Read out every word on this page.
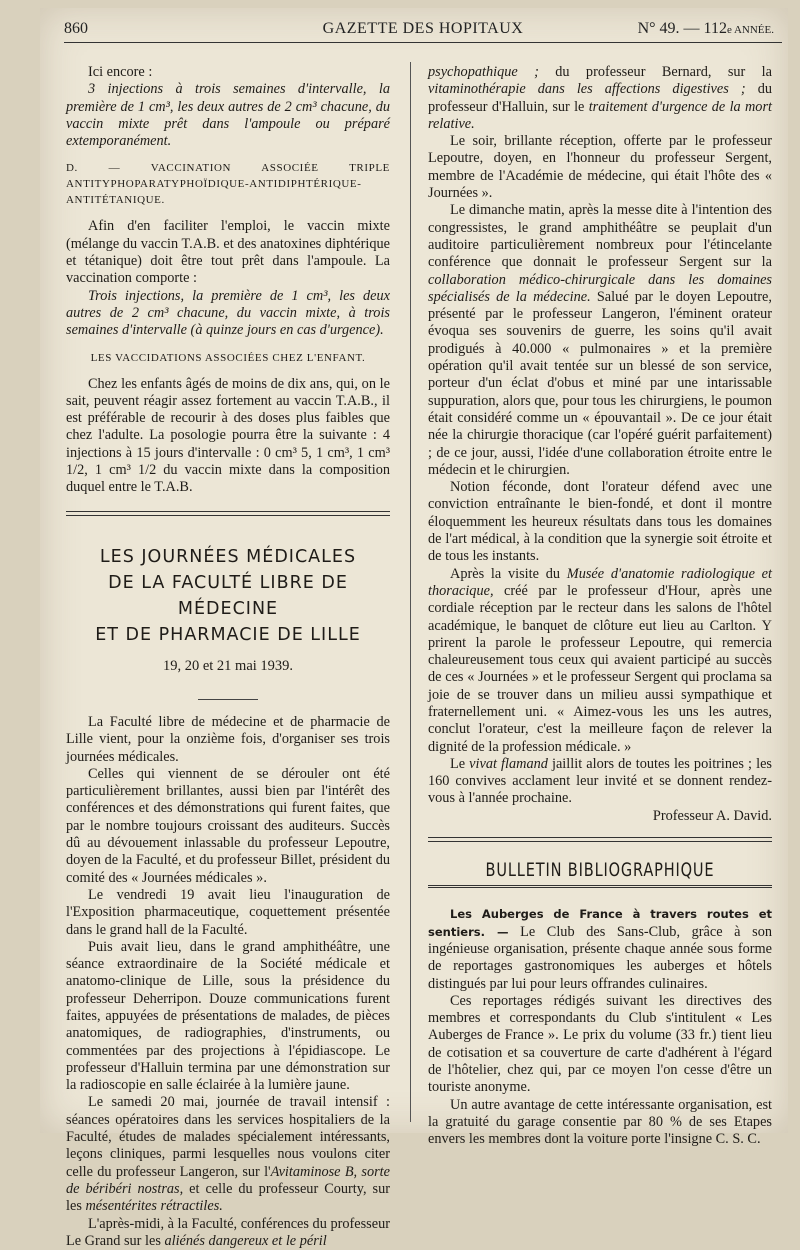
860	GAZETTE DES HOPITAUX	N° 49. — 112e ANNÉE.

Ici encore :

3 injections à trois semaines d'intervalle, la première de 1 cm³, les deux autres de 2 cm³ chacune, du vaccin mixte prêt dans l'ampoule ou préparé extemporanément.

D. — VACCINATION ASSOCIÉE TRIPLE ANTITYPHOPARATYPHOÏDIQUE-ANTIDIPHTÉRIQUE-ANTITÉTANIQUE.

Afin d'en faciliter l'emploi, le vaccin mixte (mélange du vaccin T.A.B. et des anatoxines diphtérique et tétanique) doit être tout prêt dans l'ampoule. La vaccination comporte :

Trois injections, la première de 1 cm³, les deux autres de 2 cm³ chacune, du vaccin mixte, à trois semaines d'intervalle (à quinze jours en cas d'urgence).

LES VACCIDATIONS ASSOCIÉES CHEZ L'ENFANT.

Chez les enfants âgés de moins de dix ans, qui, on le sait, peuvent réagir assez fortement au vaccin T.A.B., il est préférable de recourir à des doses plus faibles que chez l'adulte. La posologie pourra être la suivante : 4 injections à 15 jours d'intervalle : 0 cm³ 5, 1 cm³, 1 cm³ 1/2, 1 cm³ 1/2 du vaccin mixte dans la composition duquel entre le T.A.B.

LES JOURNÉES MÉDICALES
DE LA FACULTÉ LIBRE DE MÉDECINE
ET DE PHARMACIE DE LILLE
19, 20 et 21 mai 1939.

La Faculté libre de médecine et de pharmacie de Lille vient, pour la onzième fois, d'organiser ses trois journées médicales.

Celles qui viennent de se dérouler ont été particulièrement brillantes, aussi bien par l'intérêt des conférences et des démonstrations qui furent faites, que par le nombre toujours croissant des auditeurs. Succès dû au dévouement inlassable du professeur Lepoutre, doyen de la Faculté, et du professeur Billet, président du comité des « Journées médicales ».

Le vendredi 19 avait lieu l'inauguration de l'Exposition pharmaceutique, coquettement présentée dans le grand hall de la Faculté.

Puis avait lieu, dans le grand amphithéâtre, une séance extraordinaire de la Société médicale et anatomo-clinique de Lille, sous la présidence du professeur Deherripon. Douze communications furent faites, appuyées de présentations de malades, de pièces anatomiques, de radiographies, d'instruments, ou commentées par des projections à l'épidiascope. Le professeur d'Halluin termina par une démonstration sur la radioscopie en salle éclairée à la lumière jaune.

Le samedi 20 mai, journée de travail intensif : séances opératoires dans les services hospitaliers de la Faculté, études de malades spécialement intéressants, leçons cliniques, parmi lesquelles nous voulons citer celle du professeur Langeron, sur l'Avitaminose B, sorte de béribéri nostras, et celle du professeur Courty, sur les mésentérites rétractiles.

L'après-midi, à la Faculté, conférences du professeur Le Grand sur les aliénés dangereux et le péril

psychopathique ; du professeur Bernard, sur la vitaminothérapie dans les affections digestives ; du professeur d'Halluin, sur le traitement d'urgence de la mort relative.

Le soir, brillante réception, offerte par le professeur Lepoutre, doyen, en l'honneur du professeur Sergent, membre de l'Académie de médecine, qui était l'hôte des « Journées ».

Le dimanche matin, après la messe dite à l'intention des congressistes, le grand amphithéâtre se peuplait d'un auditoire particulièrement nombreux pour l'étincelante conférence que donnait le professeur Sergent sur la collaboration médico-chirurgicale dans les domaines spécialisés de la médecine. Salué par le doyen Lepoutre, présenté par le professeur Langeron, l'éminent orateur évoqua ses souvenirs de guerre, les soins qu'il avait prodigués à 40.000 « pulmonaires » et la première opération qu'il avait tentée sur un blessé de son service, porteur d'un éclat d'obus et miné par une intarissable suppuration, alors que, pour tous les chirurgiens, le poumon était considéré comme un « épouvantail ». De ce jour était née la chirurgie thoracique (car l'opéré guérit parfaitement) ; de ce jour, aussi, l'idée d'une collaboration étroite entre le médecin et le chirurgien.

Notion féconde, dont l'orateur défend avec une conviction entraînante le bien-fondé, et dont il montre éloquemment les heureux résultats dans tous les domaines de l'art médical, à la condition que la synergie soit étroite et de tous les instants.

Après la visite du Musée d'anatomie radiologique et thoracique, créé par le professeur d'Hour, après une cordiale réception par le recteur dans les salons de l'hôtel académique, le banquet de clôture eut lieu au Carlton. Y prirent la parole le professeur Lepoutre, qui remercia chaleureusement tous ceux qui avaient participé au succès de ces « Journées » et le professeur Sergent qui proclama sa joie de se trouver dans un milieu aussi sympathique et fraternellement uni. « Aimez-vous les uns les autres, conclut l'orateur, c'est la meilleure façon de relever la dignité de la profession médicale. »

Le vivat flamand jaillit alors de toutes les poitrines ; les 160 convives acclament leur invité et se donnent rendez-vous à l'année prochaine.

Professeur A. David.

BULLETIN BIBLIOGRAPHIQUE

Les Auberges de France à travers routes et sentiers. — Le Club des Sans-Club, grâce à son ingénieuse organisation, présente chaque année sous forme de reportages gastronomiques les auberges et hôtels distingués par lui pour leurs offrandes culinaires.

Ces reportages rédigés suivant les directives des membres et correspondants du Club s'intitulent « Les Auberges de France ». Le prix du volume (33 fr.) tient lieu de cotisation et sa couverture de carte d'adhérent à l'égard de l'hôtelier, chez qui, par ce moyen l'on cesse d'être un touriste anonyme.

Un autre avantage de cette intéressante organisation, est la gratuité du garage consentie par 80 % de ses Etapes envers les membres dont la voiture porte l'insigne C. S. C.
